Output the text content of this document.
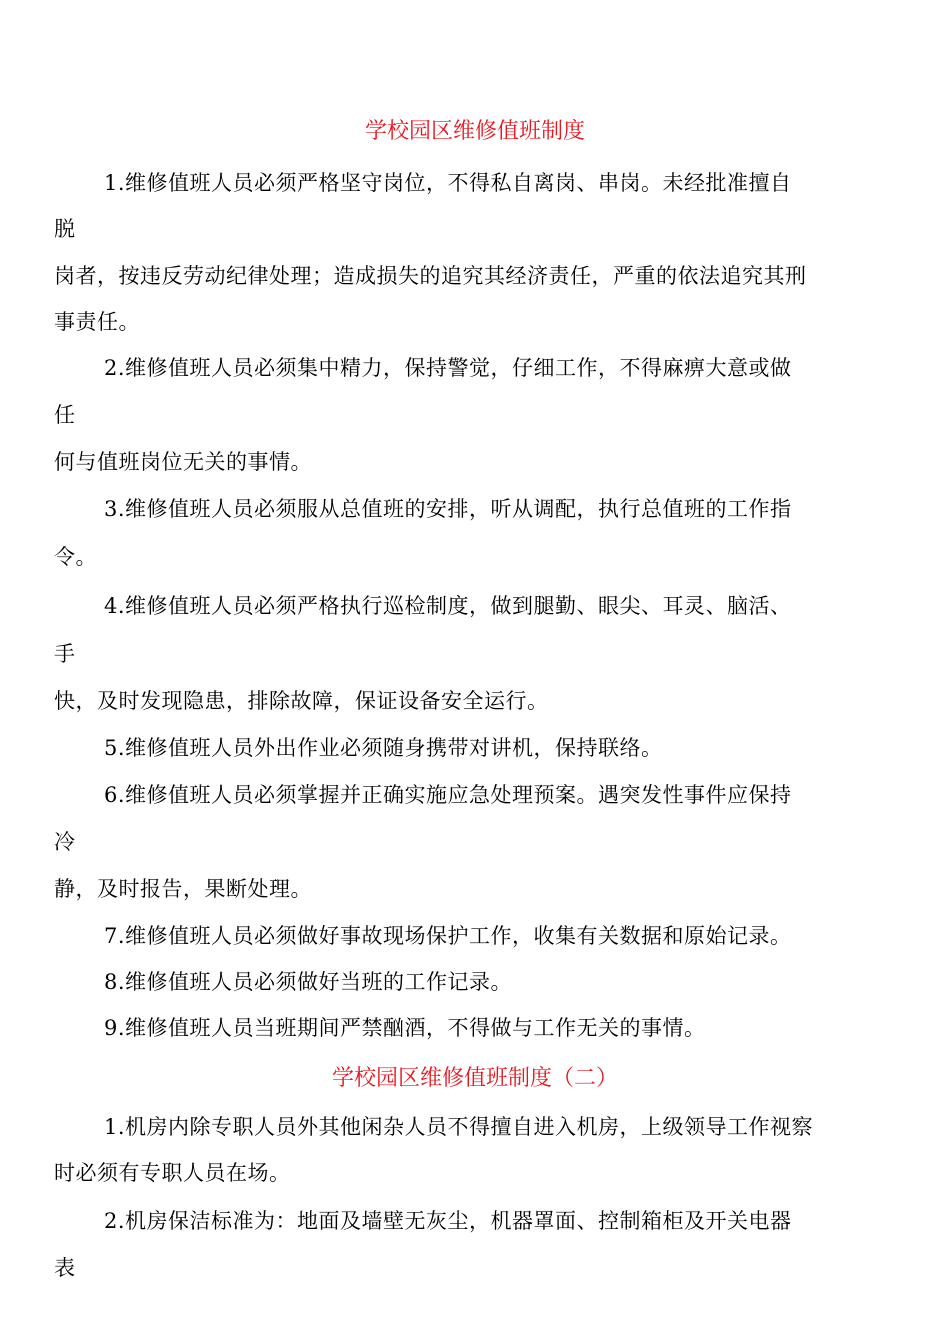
学校园区维修值班制度
1.维修值班人员必须严格坚守岗位，不得私自离岗、串岗。未经批准擅自
脱
岗者，按违反劳动纪律处理；造成损失的追究其经济责任，严重的依法追究其刑
事责任。
2.维修值班人员必须集中精力，保持警觉，仔细工作，不得麻痹大意或做
任
何与值班岗位无关的事情。
3.维修值班人员必须服从总值班的安排，听从调配，执行总值班的工作指
令。
4.维修值班人员必须严格执行巡检制度，做到腿勤、眼尖、耳灵、脑活、
手
快，及时发现隐患，排除故障，保证设备安全运行。
5.维修值班人员外出作业必须随身携带对讲机，保持联络。
6.维修值班人员必须掌握并正确实施应急处理预案。遇突发性事件应保持
冷
静，及时报告，果断处理。
7.维修值班人员必须做好事故现场保护工作，收集有关数据和原始记录。
8.维修值班人员必须做好当班的工作记录。
9.维修值班人员当班期间严禁酗酒，不得做与工作无关的事情。
学校园区维修值班制度（二）
1.机房内除专职人员外其他闲杂人员不得擅自进入机房，上级领导工作视察
时必须有专职人员在场。
2.机房保洁标准为：地面及墙壁无灰尘，机器罩面、控制箱柜及开关电器
表
